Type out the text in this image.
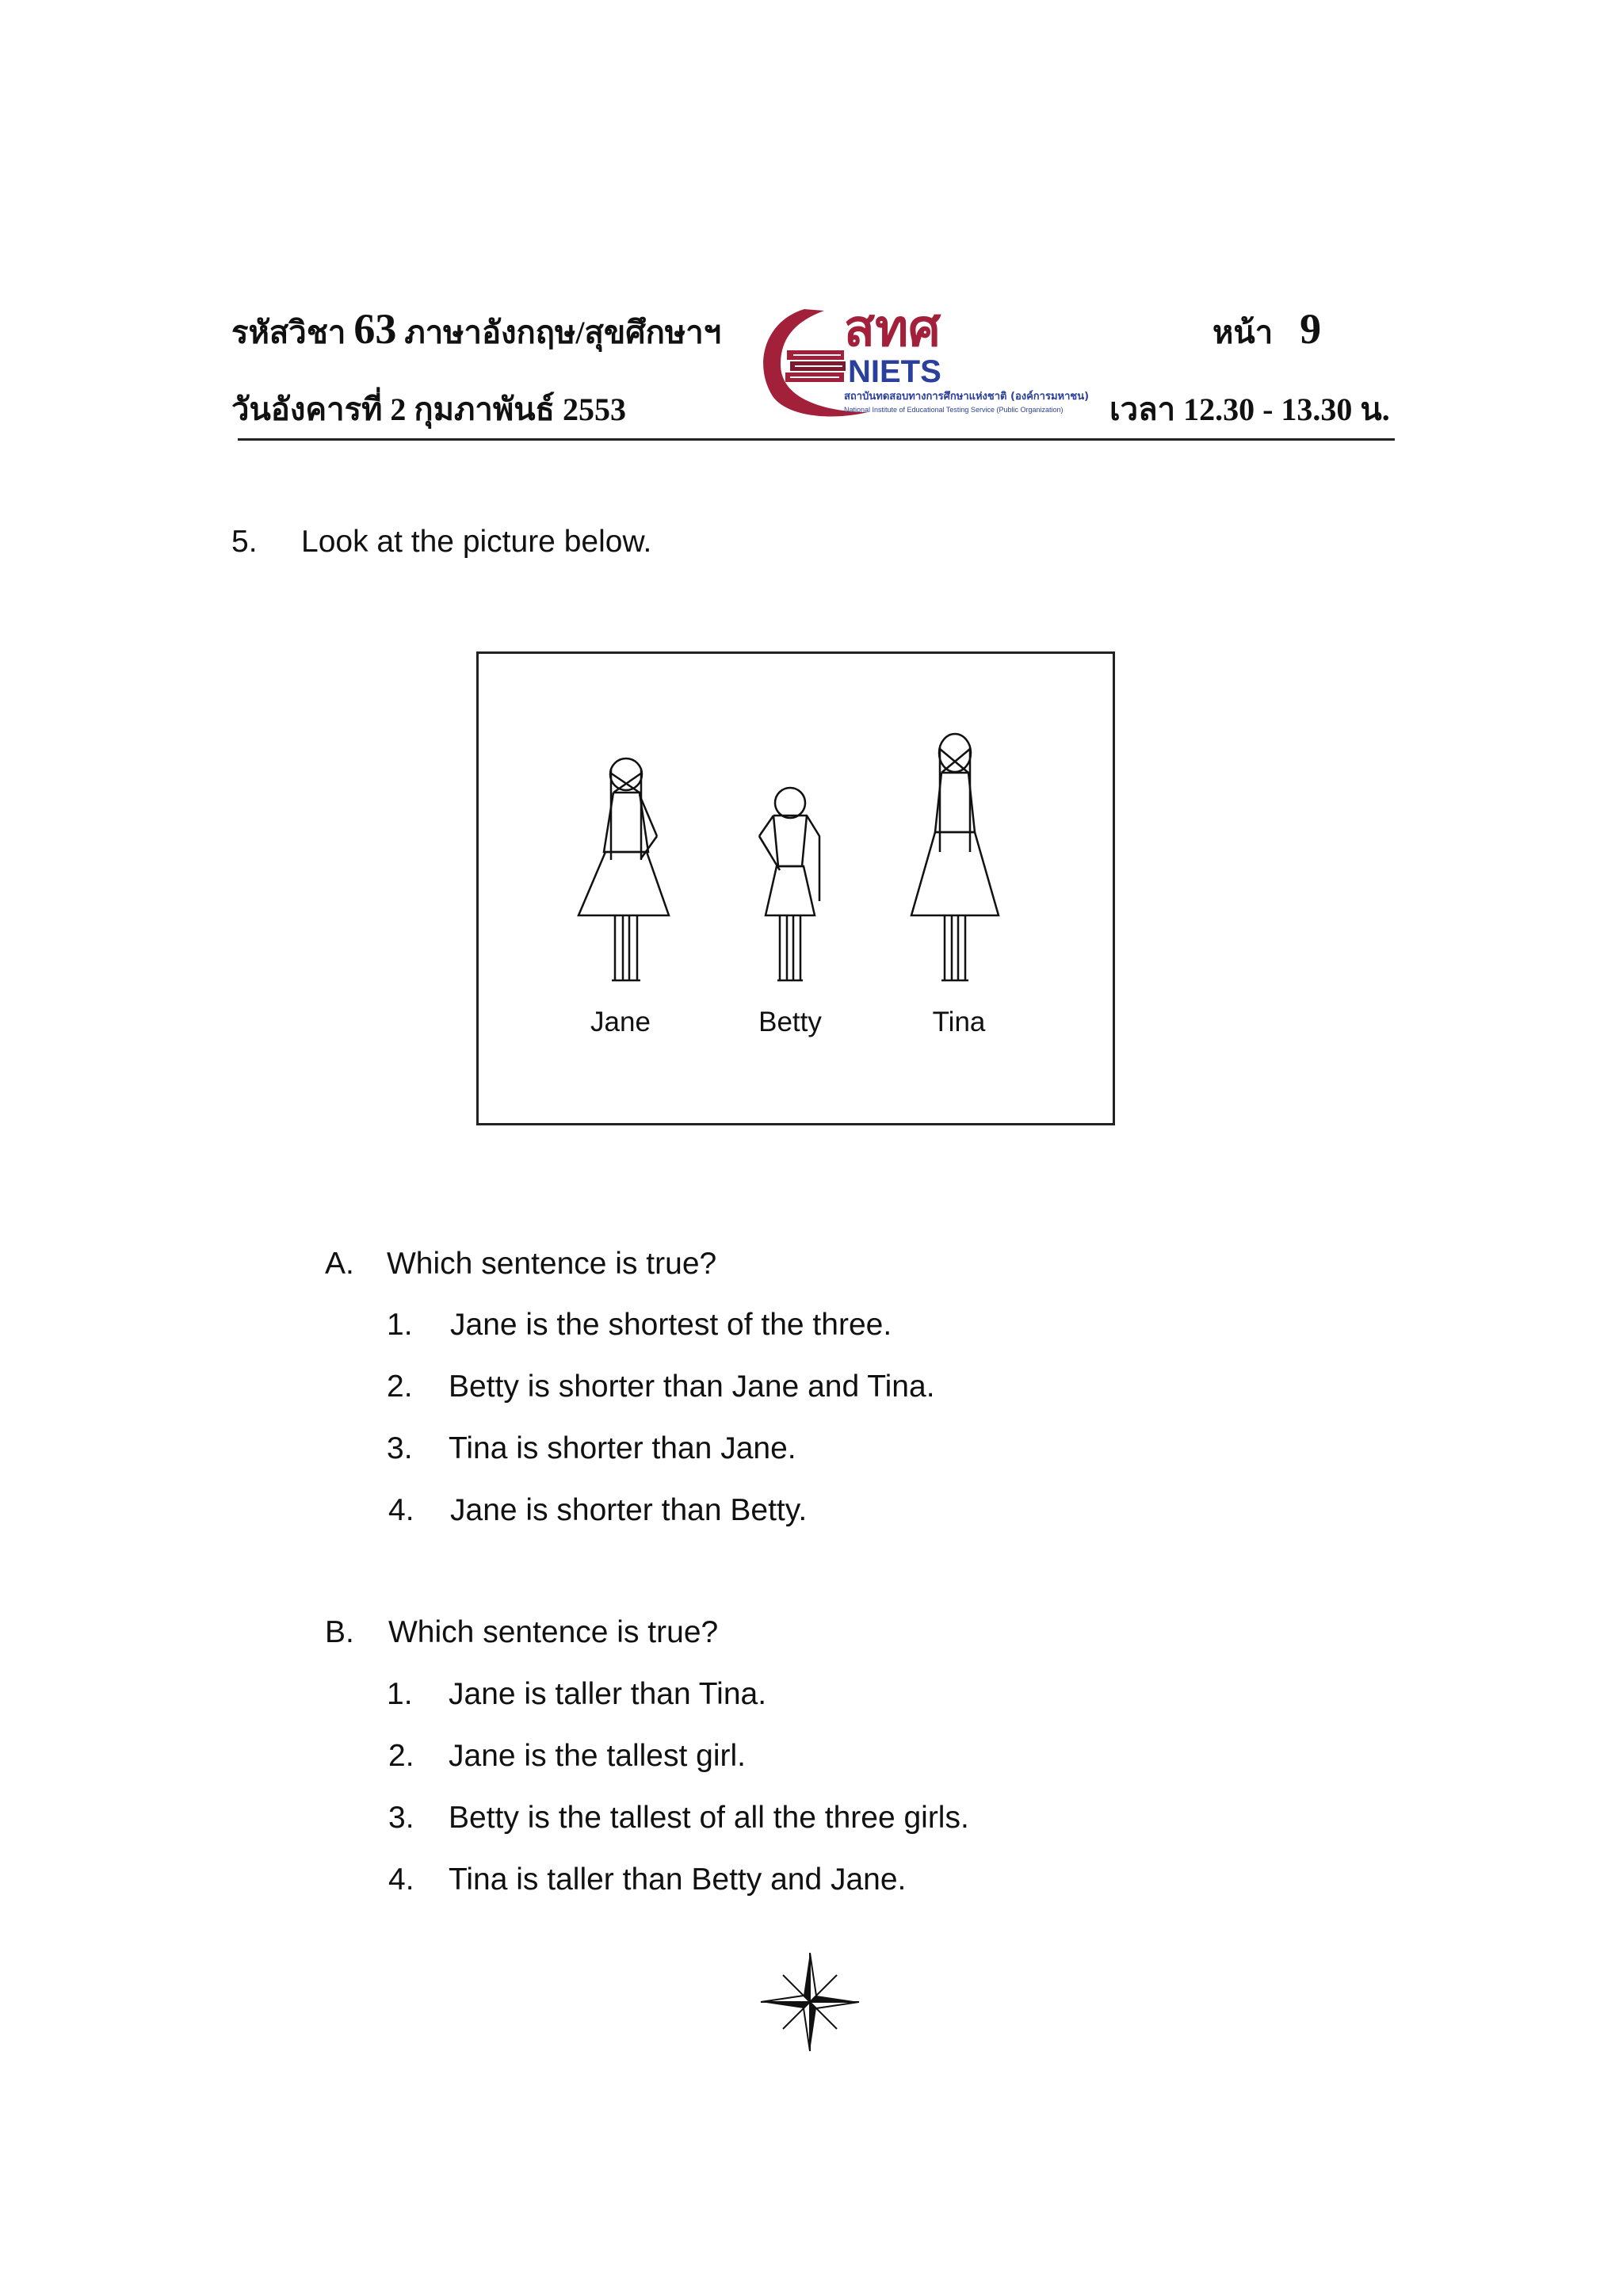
รหัสวิชา 63 ภาษาอังกฤษ/สุขศึกษาฯ
วันอังคารที่ 2 กุมภาพันธ์ 2553
หน้า 9
เวลา 12.30 - 13.30 น.
สทศ
NIETS
สถาบันทดสอบทางการศึกษาแห่งชาติ (องค์การมหาชน)
National Institute of Educational Testing Service (Public Organization)
5. Look at the picture below.
Jane	Betty	Tina
A. Which sentence is true?
1. Jane is the shortest of the three.
2. Betty is shorter than Jane and Tina.
3. Tina is shorter than Jane.
4. Jane is shorter than Betty.
B. Which sentence is true?
1. Jane is taller than Tina.
2. Jane is the tallest girl.
3. Betty is the tallest of all the three girls.
4. Tina is taller than Betty and Jane.
